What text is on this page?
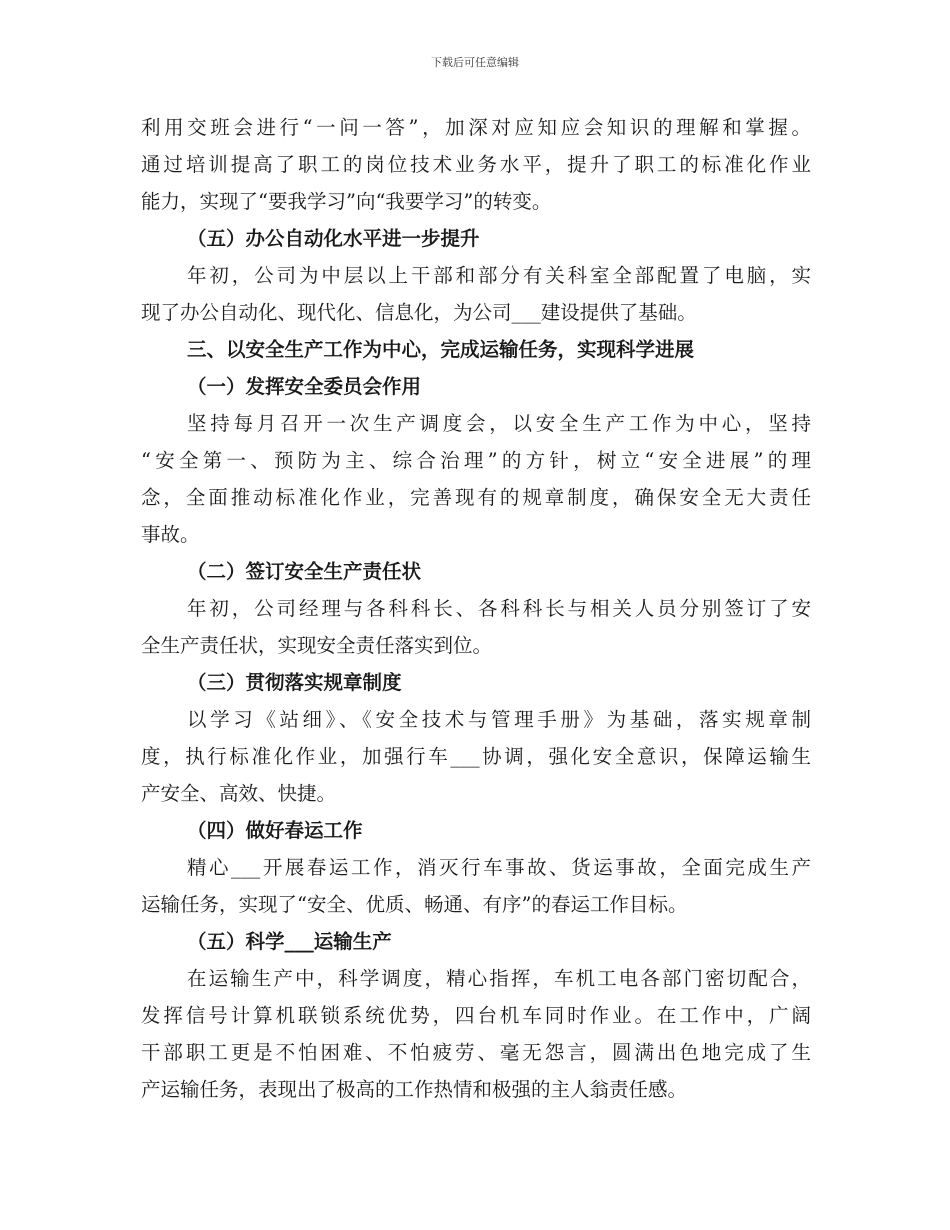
下载后可任意编辑
利用交班会进行“一问一答”，加深对应知应会知识的理解和掌握。
通过培训提高了职工的岗位技术业务水平，提升了职工的标准化作业
能力，实现了“要我学习”向“我要学习”的转变。
（五）办公自动化水平进一步提升
年初，公司为中层以上干部和部分有关科室全部配置了电脑，实
现了办公自动化、现代化、信息化，为公司___建设提供了基础。
三、以安全生产工作为中心，完成运输任务，实现科学进展
（一）发挥安全委员会作用
坚持每月召开一次生产调度会，以安全生产工作为中心，坚持
“安全第一、预防为主、综合治理”的方针，树立“安全进展”的理
念，全面推动标准化作业，完善现有的规章制度，确保安全无大责任
事故。
（二）签订安全生产责任状
年初，公司经理与各科科长、各科科长与相关人员分别签订了安
全生产责任状，实现安全责任落实到位。
（三）贯彻落实规章制度
以学习《站细》、《安全技术与管理手册》为基础，落实规章制
度，执行标准化作业，加强行车___协调，强化安全意识，保障运输生
产安全、高效、快捷。
（四）做好春运工作
精心___开展春运工作，消灭行车事故、货运事故，全面完成生产
运输任务，实现了“安全、优质、畅通、有序”的春运工作目标。
（五）科学___运输生产
在运输生产中，科学调度，精心指挥，车机工电各部门密切配合，
发挥信号计算机联锁系统优势，四台机车同时作业。在工作中，广阔
干部职工更是不怕困难、不怕疲劳、毫无怨言，圆满出色地完成了生
产运输任务，表现出了极高的工作热情和极强的主人翁责任感。
